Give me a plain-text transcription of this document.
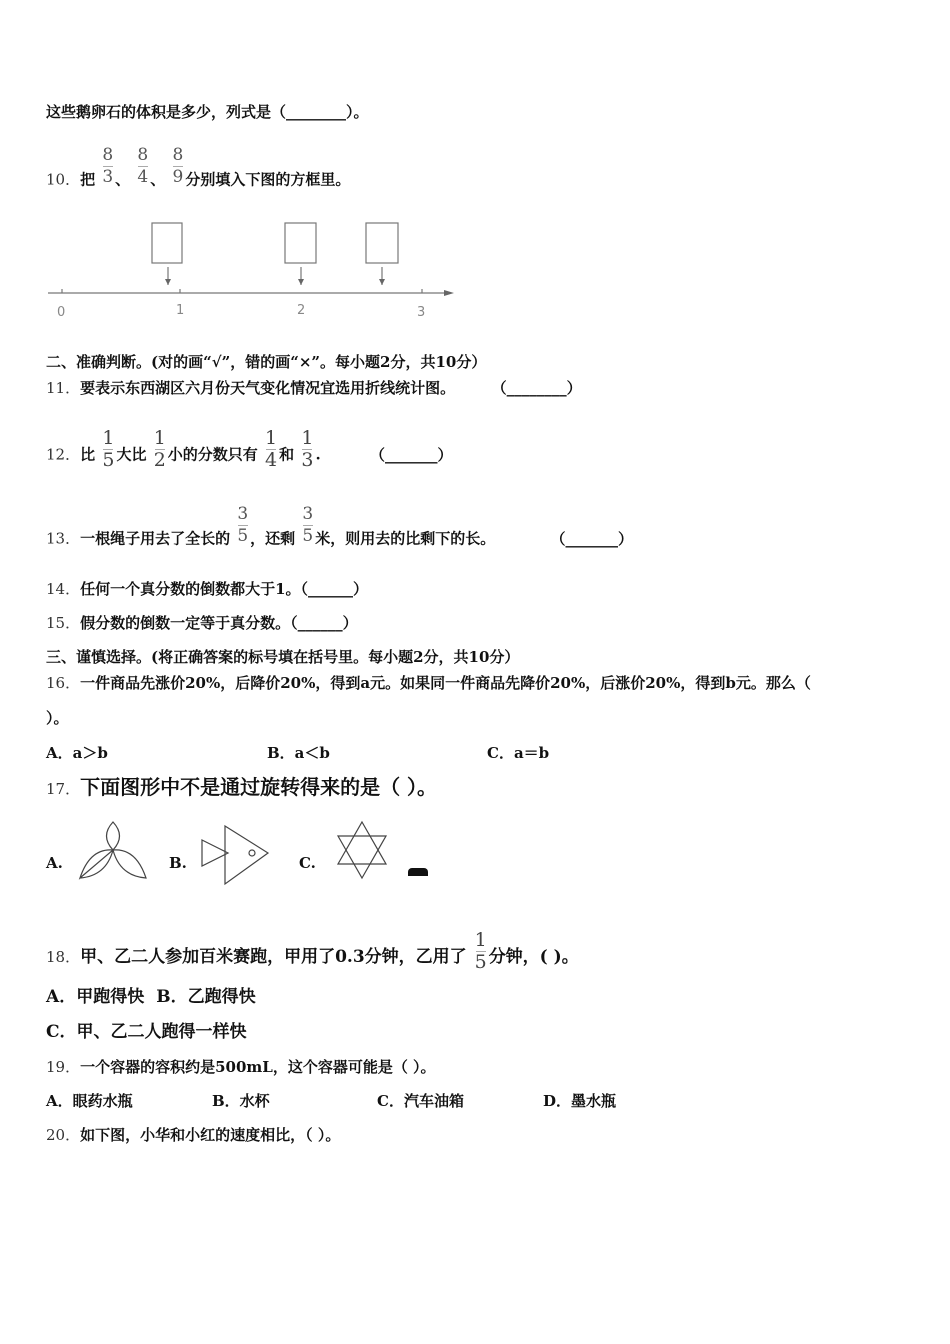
这些鹅卵石的体积是多少，列式是（________）。
10．把 $\frac{8}{3}$ 、 $\frac{8}{4}$ 、 $\frac{8}{9}$ 分别填入下图的方框里。
0	1	2	3
二、准确判断。(对的画“√”，错的画“×”。每小题2分，共10分）
11．要表示东西湖区六月份天气变化情况宜选用折线统计图。	（________）
12．比 $\frac{1}{5}$ 大比 $\frac{1}{2}$ 小的分数只有 $\frac{1}{4}$ 和 $\frac{1}{3}$ .	（_______）
13．一根绳子用去了全长的 $\frac{3}{5}$ ，还剩 $\frac{3}{5}$ 米，则用去的比剩下的长。	（_______）
14．任何一个真分数的倒数都大于1。（______）
15．假分数的倒数一定等于真分数。（______）
三、谨慎选择。(将正确答案的标号填在括号里。每小题2分，共10分）
16．一件商品先涨价20%，后降价20%，得到a元。如果同一件商品先降价20%，后涨价20%，得到b元。那么（
）。
A．a＞b	B．a＜b	C．a＝b
17．下面图形中不是通过旋转得来的是（ ）。
A.	B.	C.
18．甲、乙二人参加百米赛跑，甲用了0.3分钟，乙用了 $\frac{1}{5}$ 分钟，( )。
A．甲跑得快 B．乙跑得快
C．甲、乙二人跑得一样快
19．一个容器的容积约是500mL，这个容器可能是（ ）。
A．眼药水瓶	B．水杯	C．汽车油箱	D．墨水瓶
20．如下图，小华和小红的速度相比，（ ）。
